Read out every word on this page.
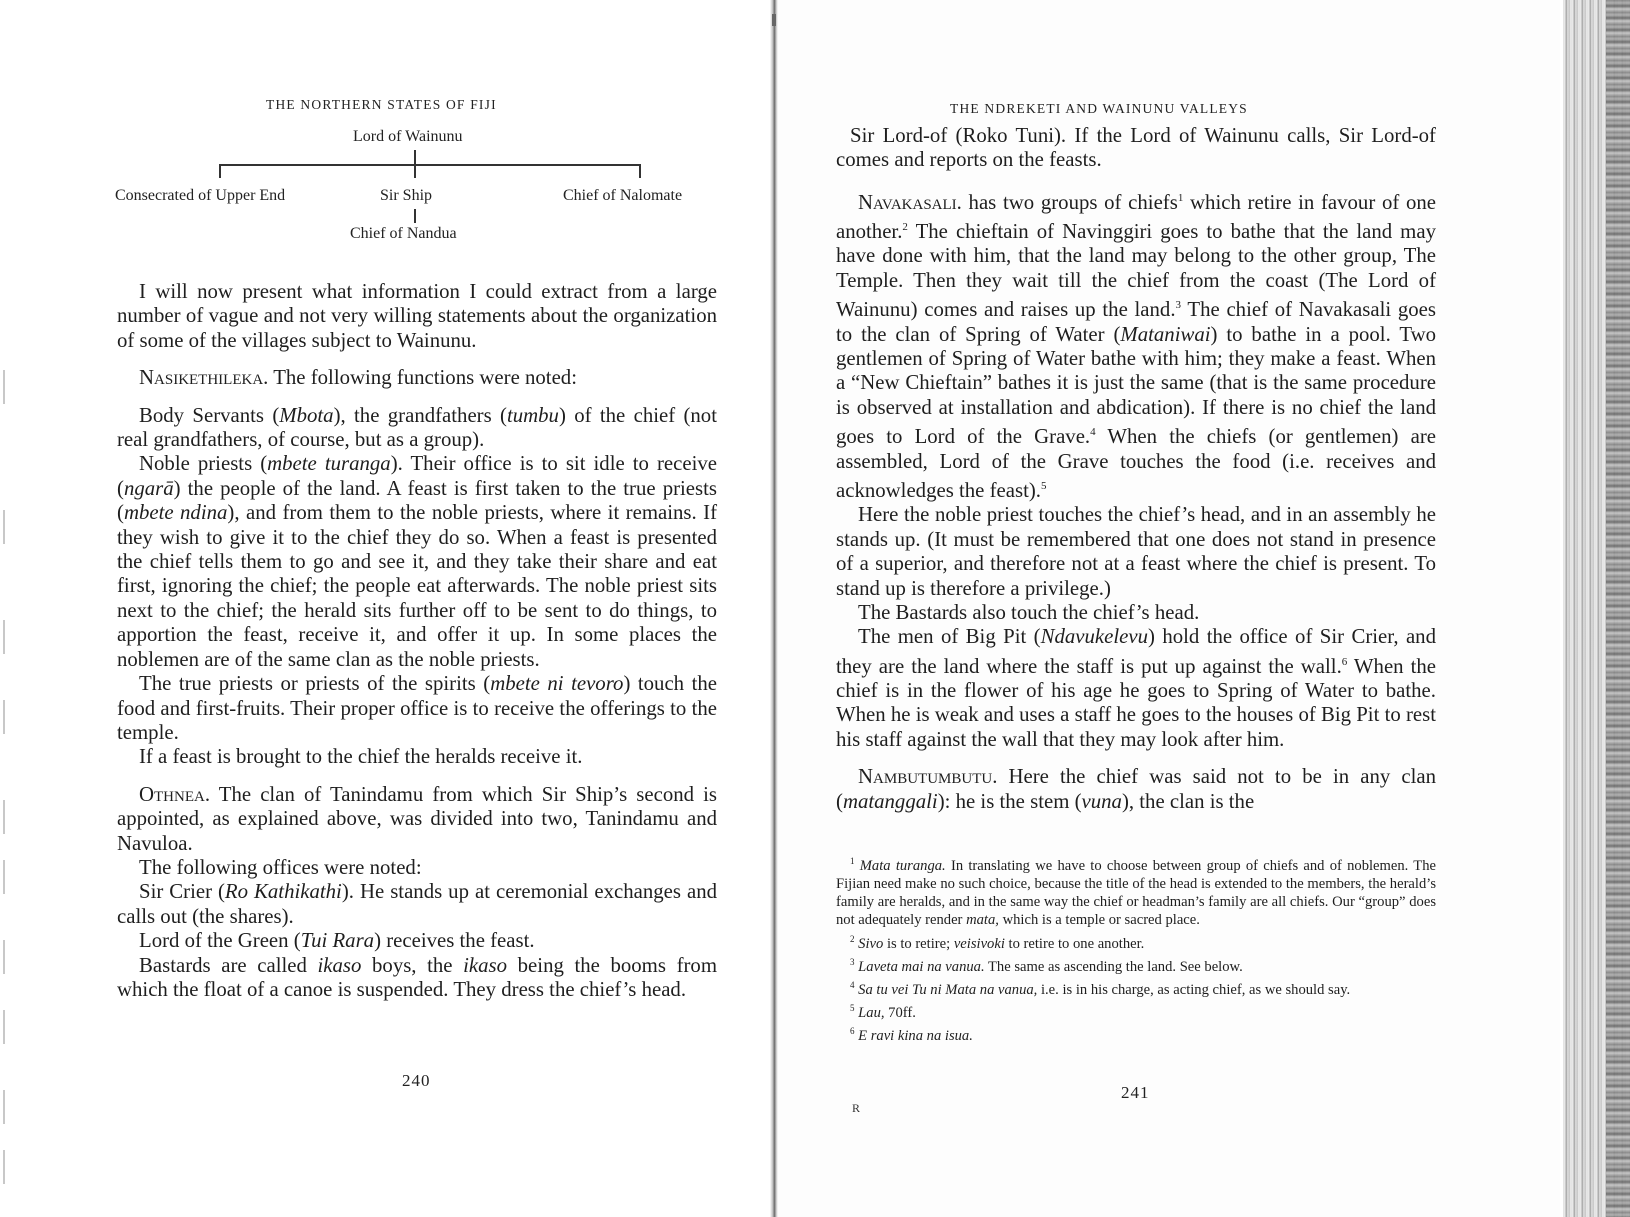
THE NORTHERN STATES OF FIJI
Lord of Wainunu
Consecrated of Upper End	Sir Ship	Chief of Nalomate
Chief of Nandua

I will now present what information I could extract from a large number of vague and not very willing statements about the organization of some of the villages subject to Wainunu.

Nasikethileka. The following functions were noted:

Body Servants (Mbota), the grandfathers (tumbu) of the chief (not real grandfathers, of course, but as a group).

Noble priests (mbete turanga). Their office is to sit idle to receive (ngarā) the people of the land. A feast is first taken to the true priests (mbete ndina), and from them to the noble priests, where it remains. If they wish to give it to the chief they do so. When a feast is presented the chief tells them to go and see it, and they take their share and eat first, ignoring the chief; the people eat afterwards. The noble priest sits next to the chief; the herald sits further off to be sent to do things, to apportion the feast, receive it, and offer it up. In some places the noblemen are of the same clan as the noble priests.

The true priests or priests of the spirits (mbete ni tevoro) touch the food and first-fruits. Their proper office is to receive the offerings to the temple.

If a feast is brought to the chief the heralds receive it.

Othnea. The clan of Tanindamu from which Sir Ship’s second is appointed, as explained above, was divided into two, Tanindamu and Navuloa.

The following offices were noted:

Sir Crier (Ro Kathikathi). He stands up at ceremonial exchanges and calls out (the shares).

Lord of the Green (Tui Rara) receives the feast.

Bastards are called ikaso boys, the ikaso being the booms from which the float of a canoe is suspended. They dress the chief’s head.

240
THE NDREKETI AND WAINUNU VALLEYS

Sir Lord-of (Roko Tuni). If the Lord of Wainunu calls, Sir Lord-of comes and reports on the feasts.

Navakasali. has two groups of chiefs$^1$ which retire in favour of one another.$^2$ The chieftain of Navinggiri goes to bathe that the land may have done with him, that the land may belong to the other group, The Temple. Then they wait till the chief from the coast (The Lord of Wainunu) comes and raises up the land.$^3$ The chief of Navakasali goes to the clan of Spring of Water (Mataniwai) to bathe in a pool. Two gentlemen of Spring of Water bathe with him; they make a feast. When a “New Chieftain” bathes it is just the same (that is the same procedure is observed at installation and abdication). If there is no chief the land goes to Lord of the Grave.$^4$ When the chiefs (or gentlemen) are assembled, Lord of the Grave touches the food (i.e. receives and acknowledges the feast).$^5$

Here the noble priest touches the chief’s head, and in an assembly he stands up. (It must be remembered that one does not stand in presence of a superior, and therefore not at a feast where the chief is present. To stand up is therefore a privilege.)

The Bastards also touch the chief’s head.

The men of Big Pit (Ndavukelevu) hold the office of Sir Crier, and they are the land where the staff is put up against the wall.$^6$ When the chief is in the flower of his age he goes to Spring of Water to bathe. When he is weak and uses a staff he goes to the houses of Big Pit to rest his staff against the wall that they may look after him.

Nambutumbutu. Here the chief was said not to be in any clan (matanggali): he is the stem (vuna), the clan is the

$^1$ Mata turanga. In translating we have to choose between group of chiefs and of noblemen. The Fijian need make no such choice, because the title of the head is extended to the members, the herald’s family are heralds, and in the same way the chief or headman’s family are all chiefs. Our “group” does not adequately render mata, which is a temple or sacred place.

$^2$ Sivo is to retire; veisivoki to retire to one another.

$^3$ Laveta mai na vanua. The same as ascending the land. See below.

$^4$ Sa tu vei Tu ni Mata na vanua, i.e. is in his charge, as acting chief, as we should say.

$^5$ Lau, 70ff.

$^6$ E ravi kina na isua.

241
R
